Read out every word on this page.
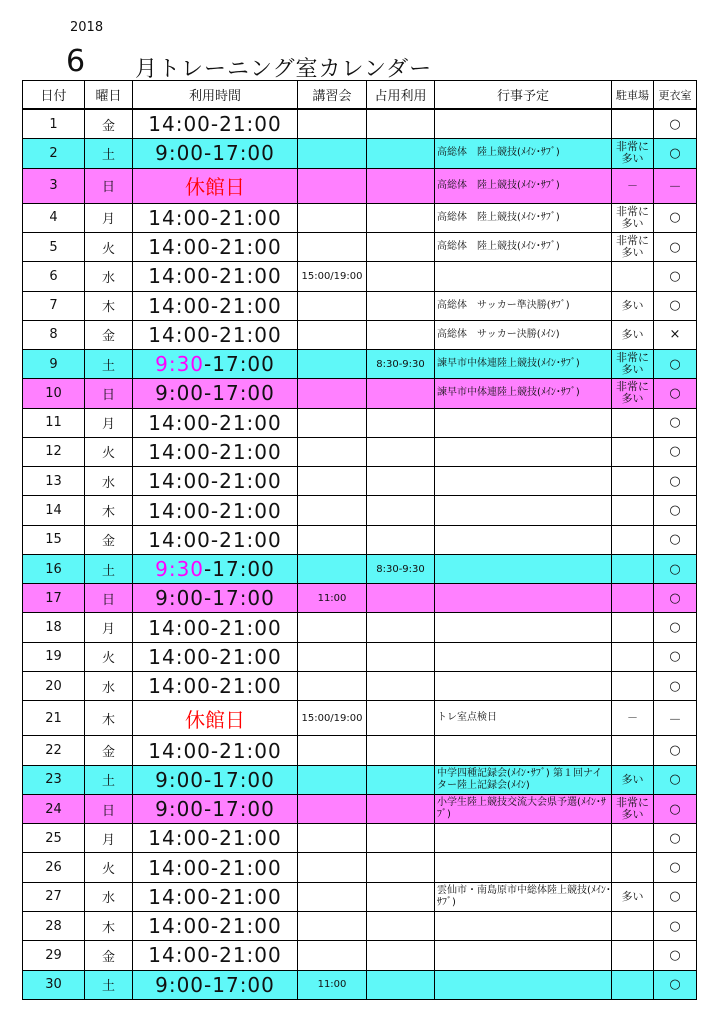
2018
6 月トレーニング室カレンダー
日付	曜日	利用時間	講習会	占用利用	行事予定	駐車場	更衣室
1	金	14:00-21:00					○
2	土	9:00-17:00			高総体　陸上競技(ﾒｲﾝ･ｻﾌﾞ)	非常に多い	○
3	日	休館日			高総体　陸上競技(ﾒｲﾝ･ｻﾌﾞ)	－	－
4	月	14:00-21:00			高総体　陸上競技(ﾒｲﾝ･ｻﾌﾞ)	非常に多い	○
5	火	14:00-21:00			高総体　陸上競技(ﾒｲﾝ･ｻﾌﾞ)	非常に多い	○
6	水	14:00-21:00	15:00/19:00				○
7	木	14:00-21:00			高総体　サッカー準決勝(ｻﾌﾞ)	多い	○
8	金	14:00-21:00			高総体　サッカー決勝(ﾒｲﾝ)	多い	×
9	土	9:30-17:00		8:30-9:30	諫早市中体連陸上競技(ﾒｲﾝ･ｻﾌﾞ)	非常に多い	○
10	日	9:00-17:00			諫早市中体連陸上競技(ﾒｲﾝ･ｻﾌﾞ)	非常に多い	○
11	月	14:00-21:00					○
12	火	14:00-21:00					○
13	水	14:00-21:00					○
14	木	14:00-21:00					○
15	金	14:00-21:00					○
16	土	9:30-17:00		8:30-9:30			○
17	日	9:00-17:00	11:00				○
18	月	14:00-21:00					○
19	火	14:00-21:00					○
20	水	14:00-21:00					○
21	木	休館日	15:00/19:00		トレ室点検日	－	－
22	金	14:00-21:00					○
23	土	9:00-17:00			中学四種記録会(ﾒｲﾝ･ｻﾌﾞ) 第１回ナイター陸上記録会(ﾒｲﾝ)	多い	○
24	日	9:00-17:00			小学生陸上競技交流大会県予選(ﾒｲﾝ･ｻﾌﾞ)	非常に多い	○
25	月	14:00-21:00					○
26	火	14:00-21:00					○
27	水	14:00-21:00			雲仙市・南島原市中総体陸上競技(ﾒｲﾝ･ｻﾌﾞ)	多い	○
28	木	14:00-21:00					○
29	金	14:00-21:00					○
30	土	9:00-17:00	11:00				○
